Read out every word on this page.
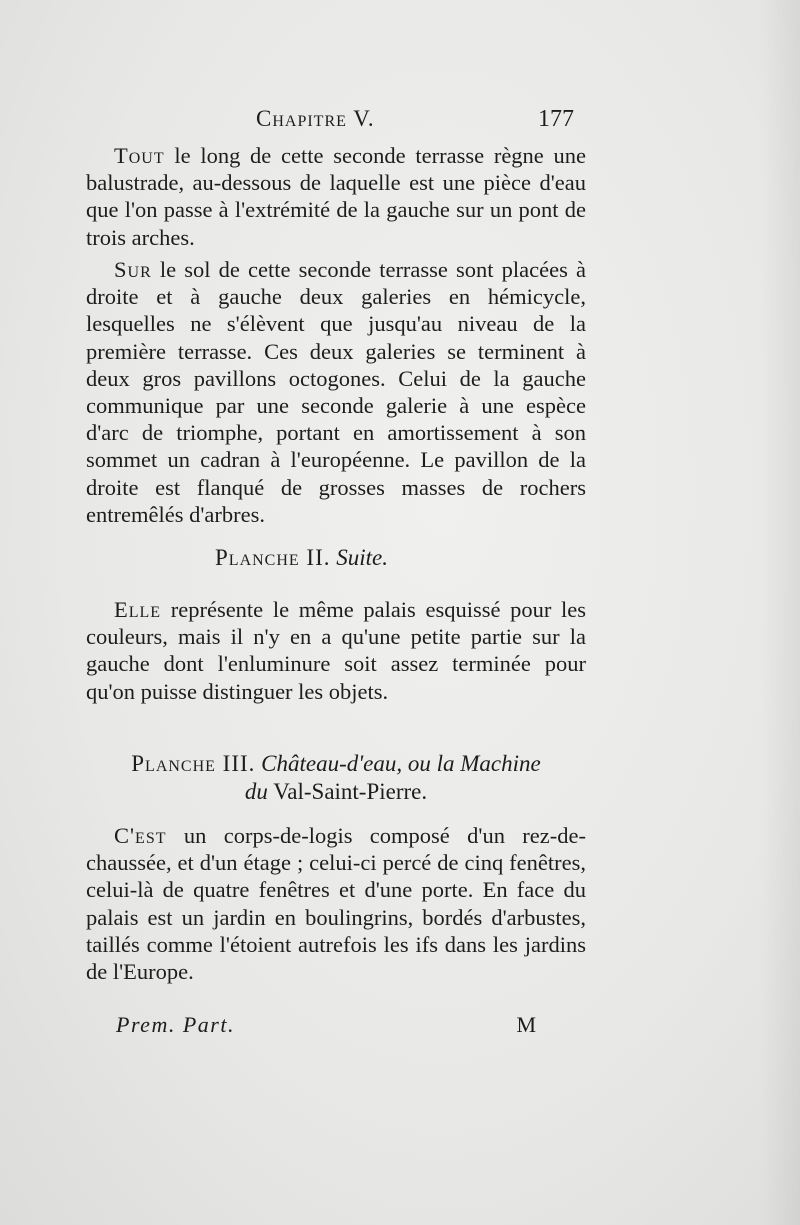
Chapitre V.	177

Tout le long de cette seconde terrasse règne une balustrade, au-dessous de laquelle est une pièce d'eau que l'on passe à l'extrémité de la gauche sur un pont de trois arches.

Sur le sol de cette seconde terrasse sont placées à droite et à gauche deux galeries en hémicycle, lesquelles ne s'élèvent que jusqu'au niveau de la première terrasse. Ces deux galeries se terminent à deux gros pavillons octogones. Celui de la gauche communique par une seconde galerie à une espèce d'arc de triomphe, portant en amortissement à son sommet un cadran à l'européenne. Le pavillon de la droite est flanqué de grosses masses de rochers entremêlés d'arbres.

Planche II. Suite.

Elle représente le même palais esquissé pour les couleurs, mais il n'y en a qu'une petite partie sur la gauche dont l'enluminure soit assez terminée pour qu'on puisse distinguer les objets.

Planche III. Château-d'eau, ou la Machine
du Val-Saint-Pierre.

C'est un corps-de-logis composé d'un rez-de-chaussée, et d'un étage ; celui-ci percé de cinq fenêtres, celui-là de quatre fenêtres et d'une porte. En face du palais est un jardin en boulingrins, bordés d'arbustes, taillés comme l'étoient autrefois les ifs dans les jardins de l'Europe.

Prem. Part.	M
